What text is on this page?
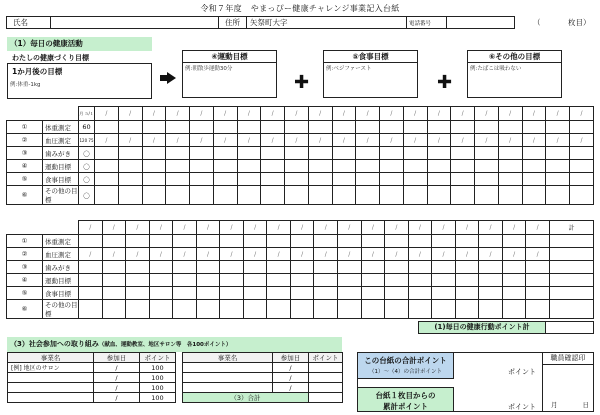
令和７年度 やまっぴー健康チャレンジ事業記入台紙
氏名		住所	矢祭町大字	電話番号		（	枚目）
（1）毎日の健康活動
わたしの健康づくり目標
1か月後の目標
例:体重-1kg
④運動目標
例:朝散歩運動30分
✚
⑤食事目標
例:ベジファースト
✚
⑥その他の目標
例:たばこは吸わない
		月 ５/１	/	/	/	/	/	/	/	/	/	/	/	/	/	/	/	/	/	/	/	/	/
①	体重測定	60																					
②	血圧測定	120 75	/	/	/	/	/	/	/	/	/	/	/	/	/	/	/	/	/	/	/	/	/
③	歯みがき	〇																					
④	運動目標	〇																					
⑤	食事目標	〇																					
⑥	その他の目標	〇																					
		/	/	/	/	/	/	/	/	/	/	/	/	/	/	/	/	/	/	/	/	計
①	体重測定																					
②	血圧測定	/	/	/	/	/	/	/	/	/	/	/	/	/	/	/	/	/	/	/	/	
③	歯みがき																					
④	運動目標																					
⑤	食事目標																					
⑥	その他の目標																					
(1)毎日の健康行動ポイント計
（3）社会参加への取り組み（献血、運動教室、地区サロン等　各100ポイント）
事業名	参加日	ポイント
[例] 地区のサロン	/	100
	/	100
	/	100
	/	100
事業名	参加日	ポイント
	/	
	/	
	/	
（3）合計		
この台紙の合計ポイント
（1）～（4）の合計ポイント	ポイント
台紙１枚目からの
累計ポイント	ポイント
職員確認印
月	日
